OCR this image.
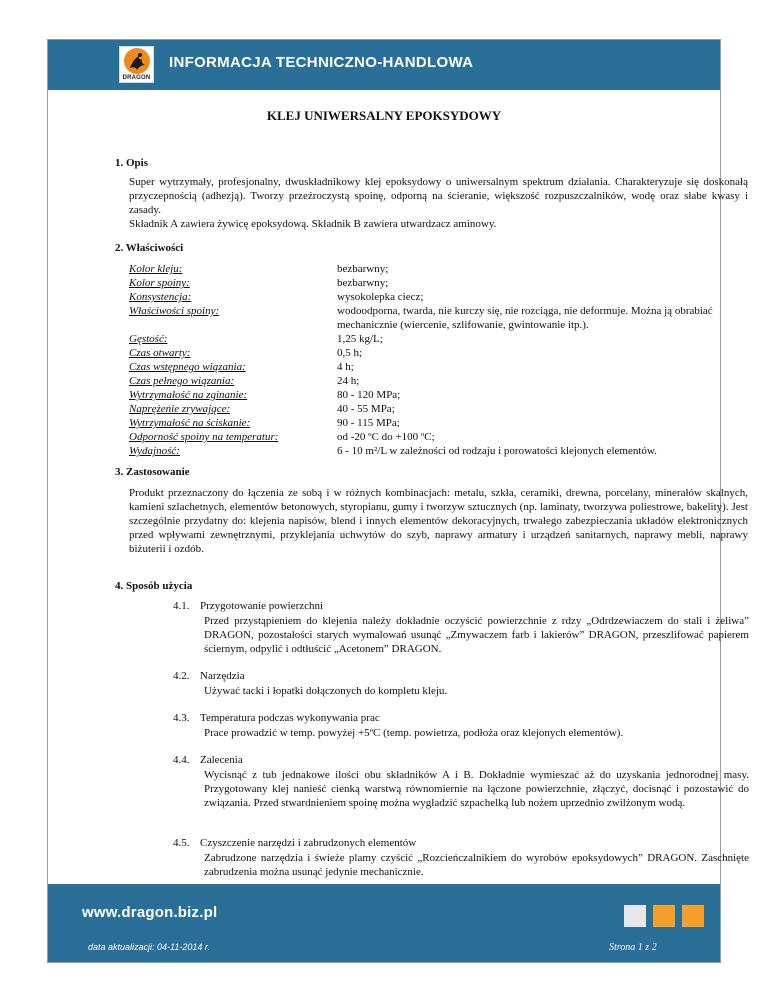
DRAGON
INFORMACJA TECHNICZNO-HANDLOWA
KLEJ UNIWERSALNY EPOKSYDOWY
1. Opis

Super wytrzymały, profesjonalny, dwuskładnikowy klej epoksydowy o uniwersalnym spektrum działania. Charakteryzuje się doskonałą przyczepnością (adhezją). Tworzy przeźroczystą spoinę, odporną na ścieranie, większość rozpuszczalników, wodę oraz słabe kwasy i zasady.

Składnik A zawiera żywicę epoksydową. Składnik B zawiera utwardzacz aminowy.

2. Właściwości
Kolor kleju:	bezbarwny;
Kolor spoiny:	bezbarwny;
Konsystencja:	wysokolepka ciecz;
Właściwości spoiny:	wodoodporna, twarda, nie kurczy się, nie rozciąga, nie deformuje. Można ją obrabiać mechanicznie (wiercenie, szlifowanie, gwintowanie itp.).
Gęstość:	1,25 kg/L;
Czas otwarty:	0,5 h;
Czas wstępnego wiązania:	4 h;
Czas pełnego wiązania:	24 h;
Wytrzymałość na zginanie:	80 - 120 MPa;
Naprężenie zrywające:	40 - 55 MPa;
Wytrzymałość na ściskanie:	90 - 115 MPa;
Odporność spoiny na temperatur:	od -20 ºC do +100 ºC;
Wydajność:	6 - 10 m²/L w zależności od rodzaju i porowatości klejonych elementów.
3. Zastosowanie
Produkt przeznaczony do łączenia ze sobą i w różnych kombinacjach: metalu, szkła, ceramiki, drewna, porcelany, minerałów skalnych, kamieni szlachetnych, elementów betonowych, styropianu, gumy i tworzyw sztucznych (np. laminaty, tworzywa poliestrowe, bakelity). Jest szczególnie przydatny do: klejenia napisów, blend i innych elementów dekoracyjnych, trwałego zabezpieczania układów elektronicznych przed wpływami zewnętrznymi, przyklejania uchwytów do szyb, naprawy armatury i urządzeń sanitarnych, naprawy mebli, naprawy biżuterii i ozdób.
4. Sposób użycia
4.1. Przygotowanie powierzchni
Przed przystąpieniem do klejenia należy dokładnie oczyścić powierzchnie z rdzy „Odrdzewiaczem do stali i żeliwa” DRAGON, pozostałości starych wymalowań usunąć „Zmywaczem farb i lakierów” DRAGON, przeszlifować papierem ściernym, odpylić i odtłuścić „Acetonem” DRAGON.
4.2. Narzędzia
Używać tacki i łopatki dołączonych do kompletu kleju.
4.3. Temperatura podczas wykonywania prac
Prace prowadzić w temp. powyżej +5ºC (temp. powietrza, podłoża oraz klejonych elementów).
4.4. Zalecenia
Wycisnąć z tub jednakowe ilości obu składników A i B. Dokładnie wymieszać aż do uzyskania jednorodnej masy. Przygotowany klej nanieść cienką warstwą równomiernie na łączone powierzchnie, złączyć, docisnąć i pozostawić do związania. Przed stwardnieniem spoinę można wygładzić szpachelką lub nożem uprzednio zwilżonym wodą.
4.5. Czyszczenie narzędzi i zabrudzonych elementów
Zabrudzone narzędzia i świeże plamy czyścić „Rozcieńczalnikiem do wyrobów epoksydowych” DRAGON. Zaschnięte zabrudzenia można usunąć jedynie mechanicznie.
www.dragon.biz.pl
data aktualizacji: 04-11-2014 r.	Strona 1 z 2
